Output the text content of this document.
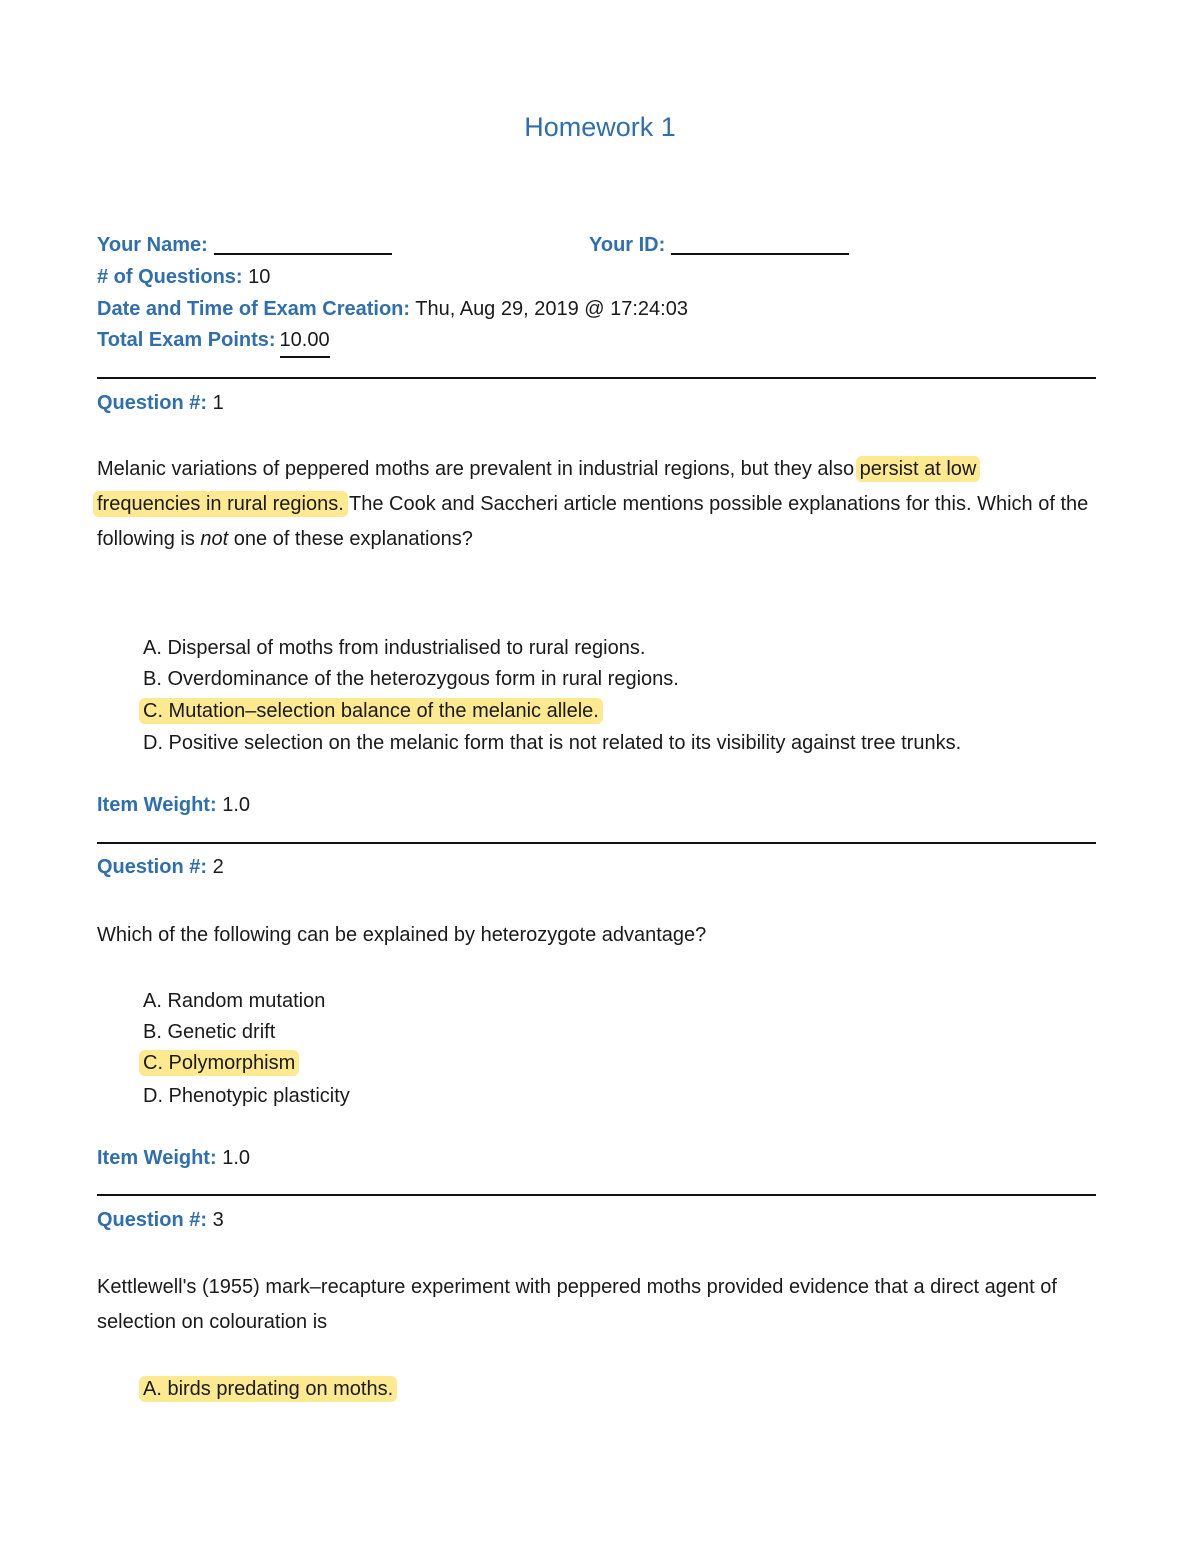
Homework 1
Your Name:	Your ID:
# of Questions: 10
Date and Time of Exam Creation: Thu, Aug 29, 2019 @ 17:24:03
Total Exam Points: 10.00
Question #: 1
Melanic variations of peppered moths are prevalent in industrial regions, but they also persist at low
frequencies in rural regions. The Cook and Saccheri article mentions possible explanations for this. Which of the following is not one of these explanations?
A. Dispersal of moths from industrialised to rural regions.
B. Overdominance of the heterozygous form in rural regions.
C. Mutation–selection balance of the melanic allele.
D. Positive selection on the melanic form that is not related to its visibility against tree trunks.
Item Weight: 1.0
Question #: 2
Which of the following can be explained by heterozygote advantage?
A. Random mutation
B. Genetic drift
C. Polymorphism
D. Phenotypic plasticity
Item Weight: 1.0
Question #: 3
Kettlewell's (1955) mark–recapture experiment with peppered moths provided evidence that a direct agent of selection on colouration is
A. birds predating on moths.
